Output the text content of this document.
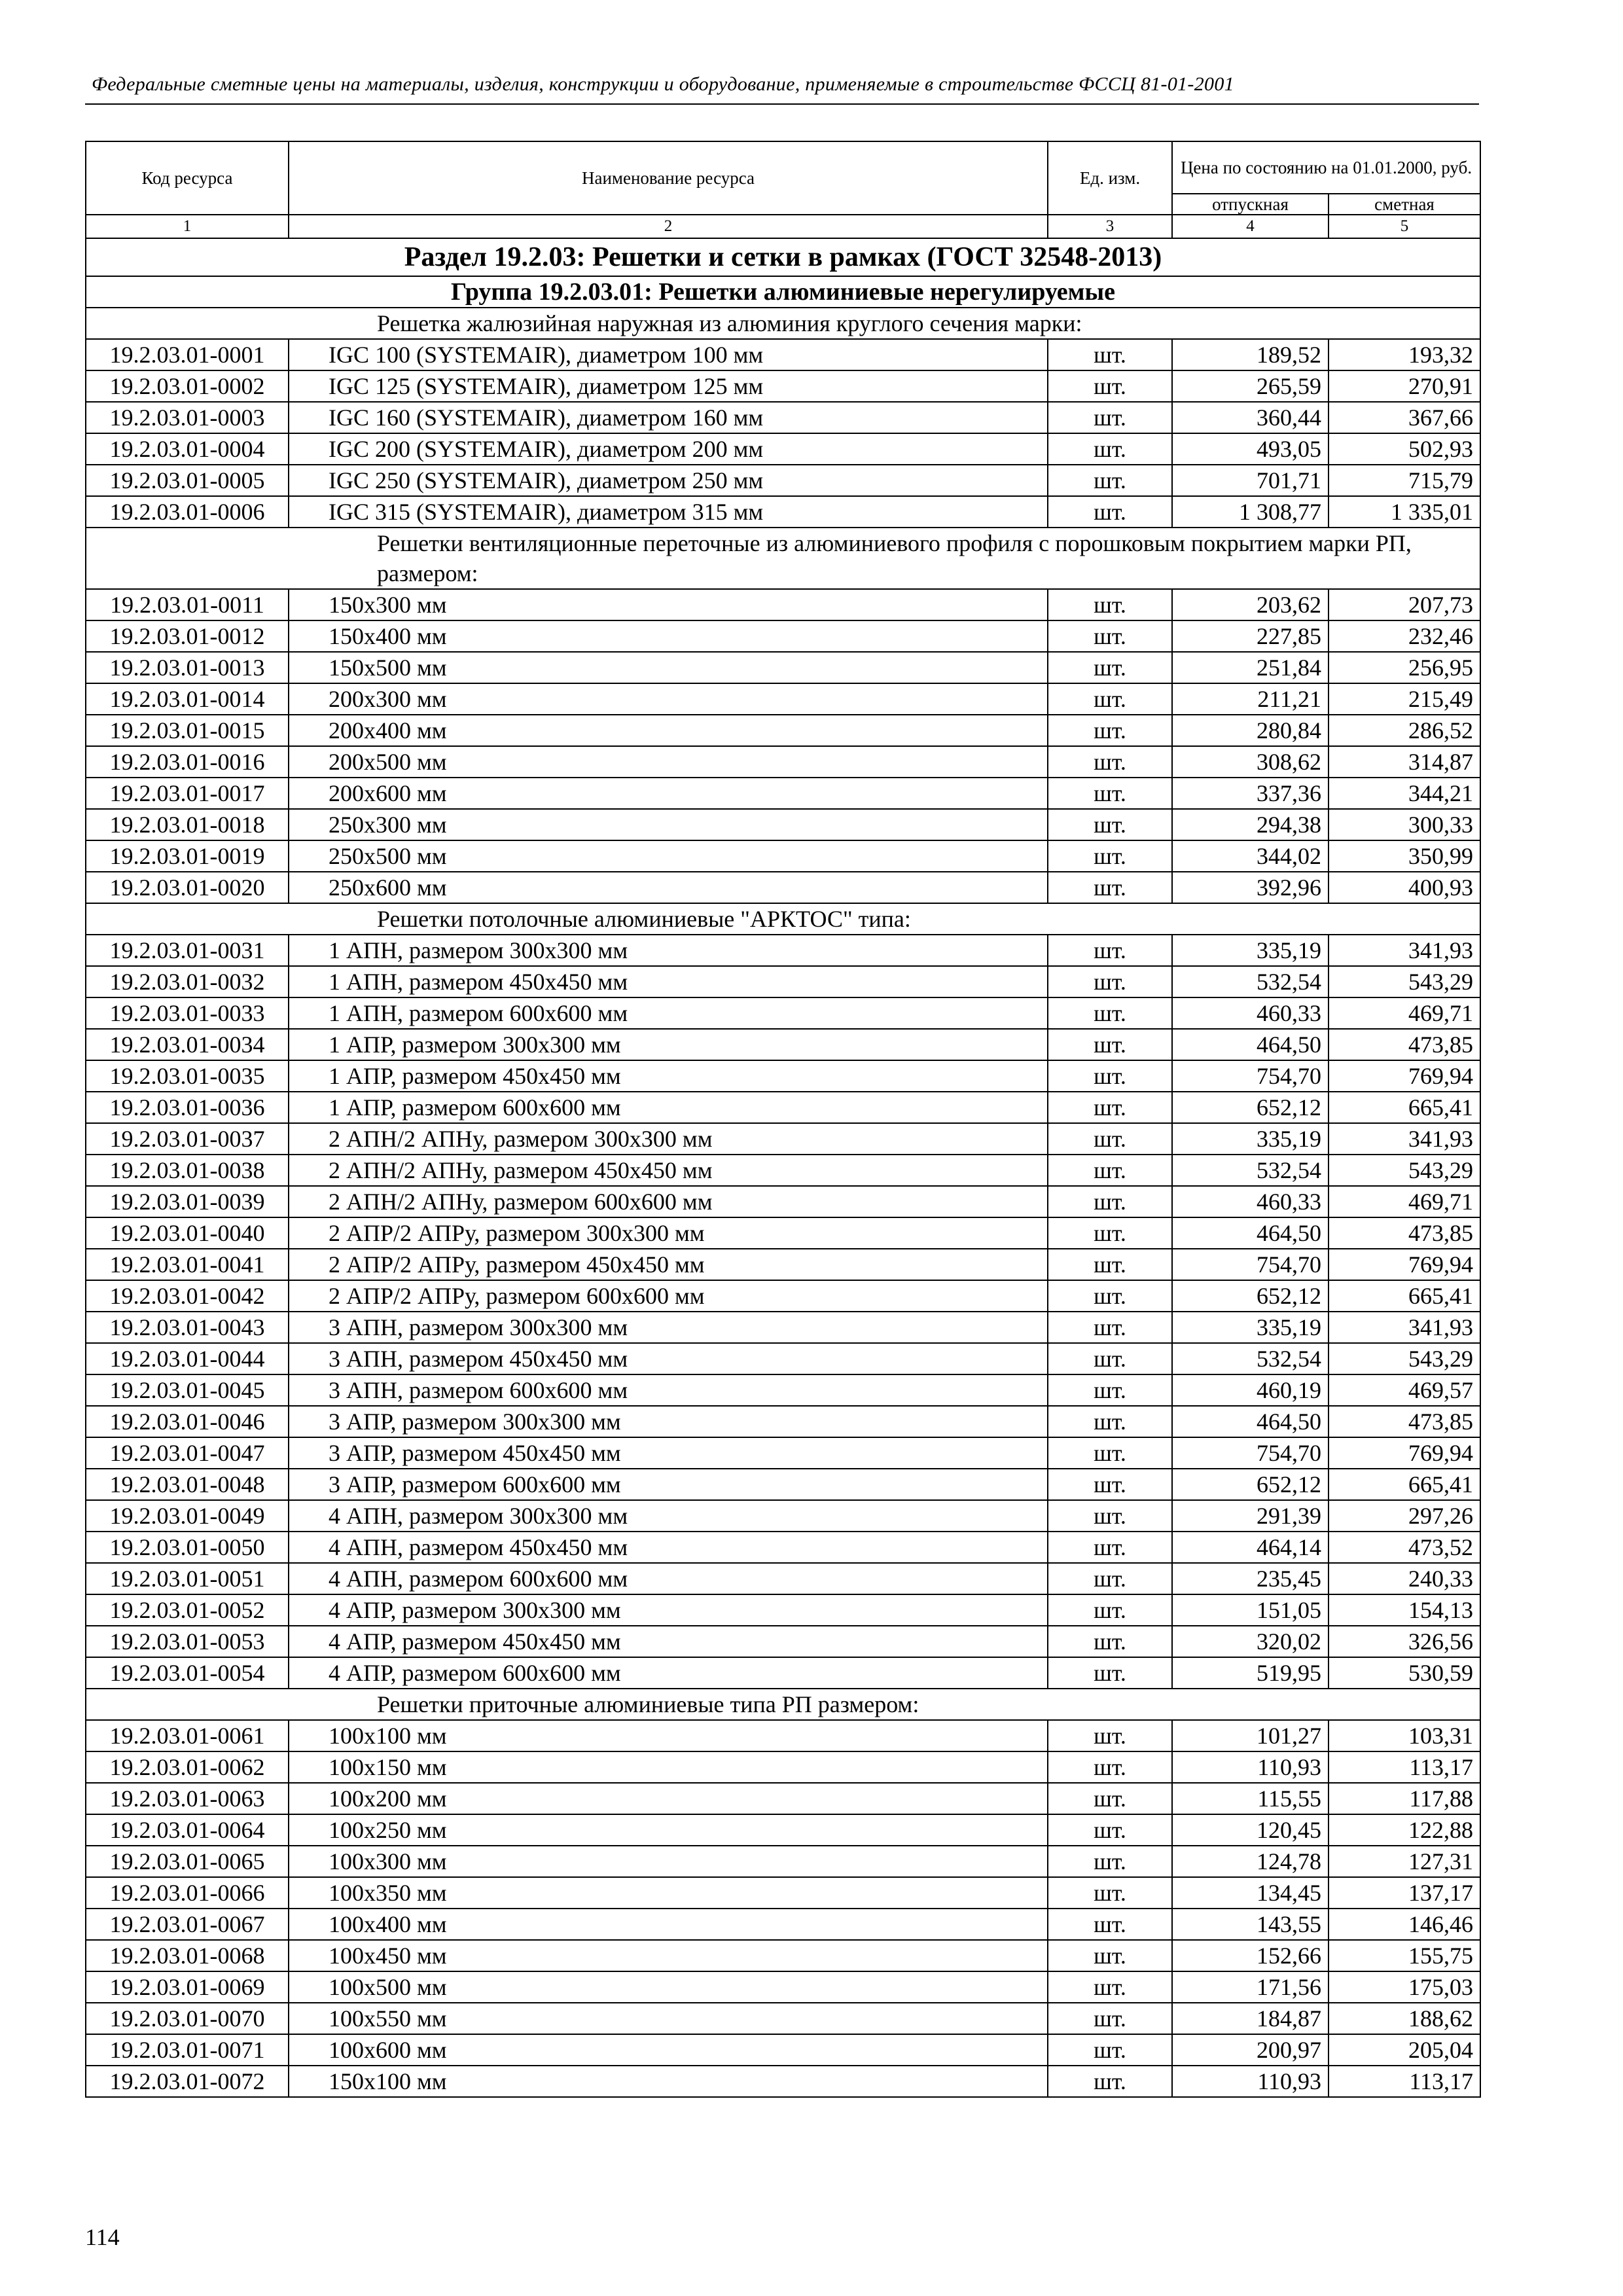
Федеральные сметные цены на материалы, изделия, конструкции и оборудование, применяемые в строительстве ФССЦ 81-01-2001
Код ресурса	Наименование ресурса	Ед. изм.	Цена по состоянию на 01.01.2000, руб.	
			отпускная	сметная
1	2	3	4	5
Раздел 19.2.03: Решетки и сетки в рамках (ГОСТ 32548-2013)				
Группа 19.2.03.01: Решетки алюминиевые нерегулируемые				
Решетка жалюзийная наружная из алюминия круглого сечения марки:				
19.2.03.01-0001	IGC 100 (SYSTEMAIR), диаметром 100 мм	шт.	189,52	193,32
19.2.03.01-0002	IGC 125 (SYSTEMAIR), диаметром 125 мм	шт.	265,59	270,91
19.2.03.01-0003	IGC 160 (SYSTEMAIR), диаметром 160 мм	шт.	360,44	367,66
19.2.03.01-0004	IGC 200 (SYSTEMAIR), диаметром 200 мм	шт.	493,05	502,93
19.2.03.01-0005	IGC 250 (SYSTEMAIR), диаметром 250 мм	шт.	701,71	715,79
19.2.03.01-0006	IGC 315 (SYSTEMAIR), диаметром 315 мм	шт.	1 308,77	1 335,01
Решетки вентиляционные переточные из алюминиевого профиля с порошковым покрытием марки РП, размером:				
19.2.03.01-0011	150х300 мм	шт.	203,62	207,73
19.2.03.01-0012	150х400 мм	шт.	227,85	232,46
19.2.03.01-0013	150х500 мм	шт.	251,84	256,95
19.2.03.01-0014	200х300 мм	шт.	211,21	215,49
19.2.03.01-0015	200х400 мм	шт.	280,84	286,52
19.2.03.01-0016	200х500 мм	шт.	308,62	314,87
19.2.03.01-0017	200х600 мм	шт.	337,36	344,21
19.2.03.01-0018	250х300 мм	шт.	294,38	300,33
19.2.03.01-0019	250х500 мм	шт.	344,02	350,99
19.2.03.01-0020	250х600 мм	шт.	392,96	400,93
Решетки потолочные алюминиевые "АРКТОС" типа:				
19.2.03.01-0031	1 АПН, размером 300х300 мм	шт.	335,19	341,93
19.2.03.01-0032	1 АПН, размером 450х450 мм	шт.	532,54	543,29
19.2.03.01-0033	1 АПН, размером 600х600 мм	шт.	460,33	469,71
19.2.03.01-0034	1 АПР, размером 300х300 мм	шт.	464,50	473,85
19.2.03.01-0035	1 АПР, размером 450х450 мм	шт.	754,70	769,94
19.2.03.01-0036	1 АПР, размером 600х600 мм	шт.	652,12	665,41
19.2.03.01-0037	2 АПН/2 АПНу, размером 300х300 мм	шт.	335,19	341,93
19.2.03.01-0038	2 АПН/2 АПНу, размером 450х450 мм	шт.	532,54	543,29
19.2.03.01-0039	2 АПН/2 АПНу, размером 600х600 мм	шт.	460,33	469,71
19.2.03.01-0040	2 АПР/2 АПРу, размером 300х300 мм	шт.	464,50	473,85
19.2.03.01-0041	2 АПР/2 АПРу, размером 450х450 мм	шт.	754,70	769,94
19.2.03.01-0042	2 АПР/2 АПРу, размером 600х600 мм	шт.	652,12	665,41
19.2.03.01-0043	3 АПН, размером 300х300 мм	шт.	335,19	341,93
19.2.03.01-0044	3 АПН, размером 450х450 мм	шт.	532,54	543,29
19.2.03.01-0045	3 АПН, размером 600х600 мм	шт.	460,19	469,57
19.2.03.01-0046	3 АПР, размером 300х300 мм	шт.	464,50	473,85
19.2.03.01-0047	3 АПР, размером 450х450 мм	шт.	754,70	769,94
19.2.03.01-0048	3 АПР, размером 600х600 мм	шт.	652,12	665,41
19.2.03.01-0049	4 АПН, размером 300х300 мм	шт.	291,39	297,26
19.2.03.01-0050	4 АПН, размером 450х450 мм	шт.	464,14	473,52
19.2.03.01-0051	4 АПН, размером 600х600 мм	шт.	235,45	240,33
19.2.03.01-0052	4 АПР, размером 300х300 мм	шт.	151,05	154,13
19.2.03.01-0053	4 АПР, размером 450х450 мм	шт.	320,02	326,56
19.2.03.01-0054	4 АПР, размером 600х600 мм	шт.	519,95	530,59
Решетки приточные алюминиевые типа РП размером:				
19.2.03.01-0061	100х100 мм	шт.	101,27	103,31
19.2.03.01-0062	100х150 мм	шт.	110,93	113,17
19.2.03.01-0063	100х200 мм	шт.	115,55	117,88
19.2.03.01-0064	100х250 мм	шт.	120,45	122,88
19.2.03.01-0065	100х300 мм	шт.	124,78	127,31
19.2.03.01-0066	100х350 мм	шт.	134,45	137,17
19.2.03.01-0067	100х400 мм	шт.	143,55	146,46
19.2.03.01-0068	100х450 мм	шт.	152,66	155,75
19.2.03.01-0069	100х500 мм	шт.	171,56	175,03
19.2.03.01-0070	100х550 мм	шт.	184,87	188,62
19.2.03.01-0071	100х600 мм	шт.	200,97	205,04
19.2.03.01-0072	150х100 мм	шт.	110,93	113,17
114
